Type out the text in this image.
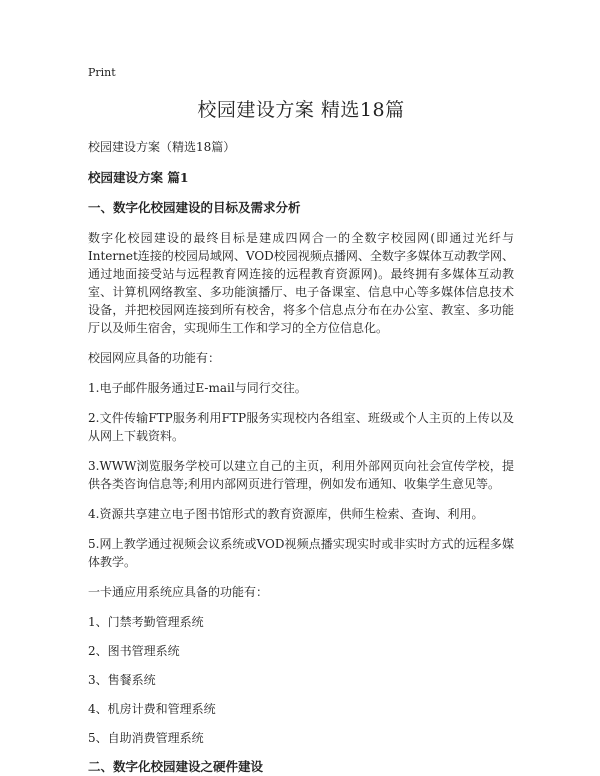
Print
校园建设方案 精选18篇

校园建设方案（精选18篇）

校园建设方案 篇1

一、数字化校园建设的目标及需求分析

数字化校园建设的最终目标是建成四网合一的全数字校园网(即通过光纤与Internet连接的校园局域网、VOD校园视频点播网、全数字多媒体互动教学网、通过地面接受站与远程教育网连接的远程教育资源网)。最终拥有多媒体互动教室、计算机网络教室、多功能演播厅、电子备课室、信息中心等多媒体信息技术设备，并把校园网连接到所有校舍，将多个信息点分布在办公室、教室、多功能厅以及师生宿舍，实现师生工作和学习的全方位信息化。

校园网应具备的功能有：

1.电子邮件服务通过E-mail与同行交往。

2.文件传输FTP服务利用FTP服务实现校内各组室、班级或个人主页的上传以及从网上下载资料。

3.WWW浏览服务学校可以建立自己的主页，利用外部网页向社会宣传学校，提供各类咨询信息等;利用内部网页进行管理，例如发布通知、收集学生意见等。

4.资源共享建立电子图书馆形式的教育资源库，供师生检索、查询、利用。

5.网上教学通过视频会议系统或VOD视频点播实现实时或非实时方式的远程多媒体教学。

一卡通应用系统应具备的功能有：

1、门禁考勤管理系统

2、图书管理系统

3、售餐系统

4、机房计费和管理系统

5、自助消费管理系统

二、数字化校园建设之硬件建设
